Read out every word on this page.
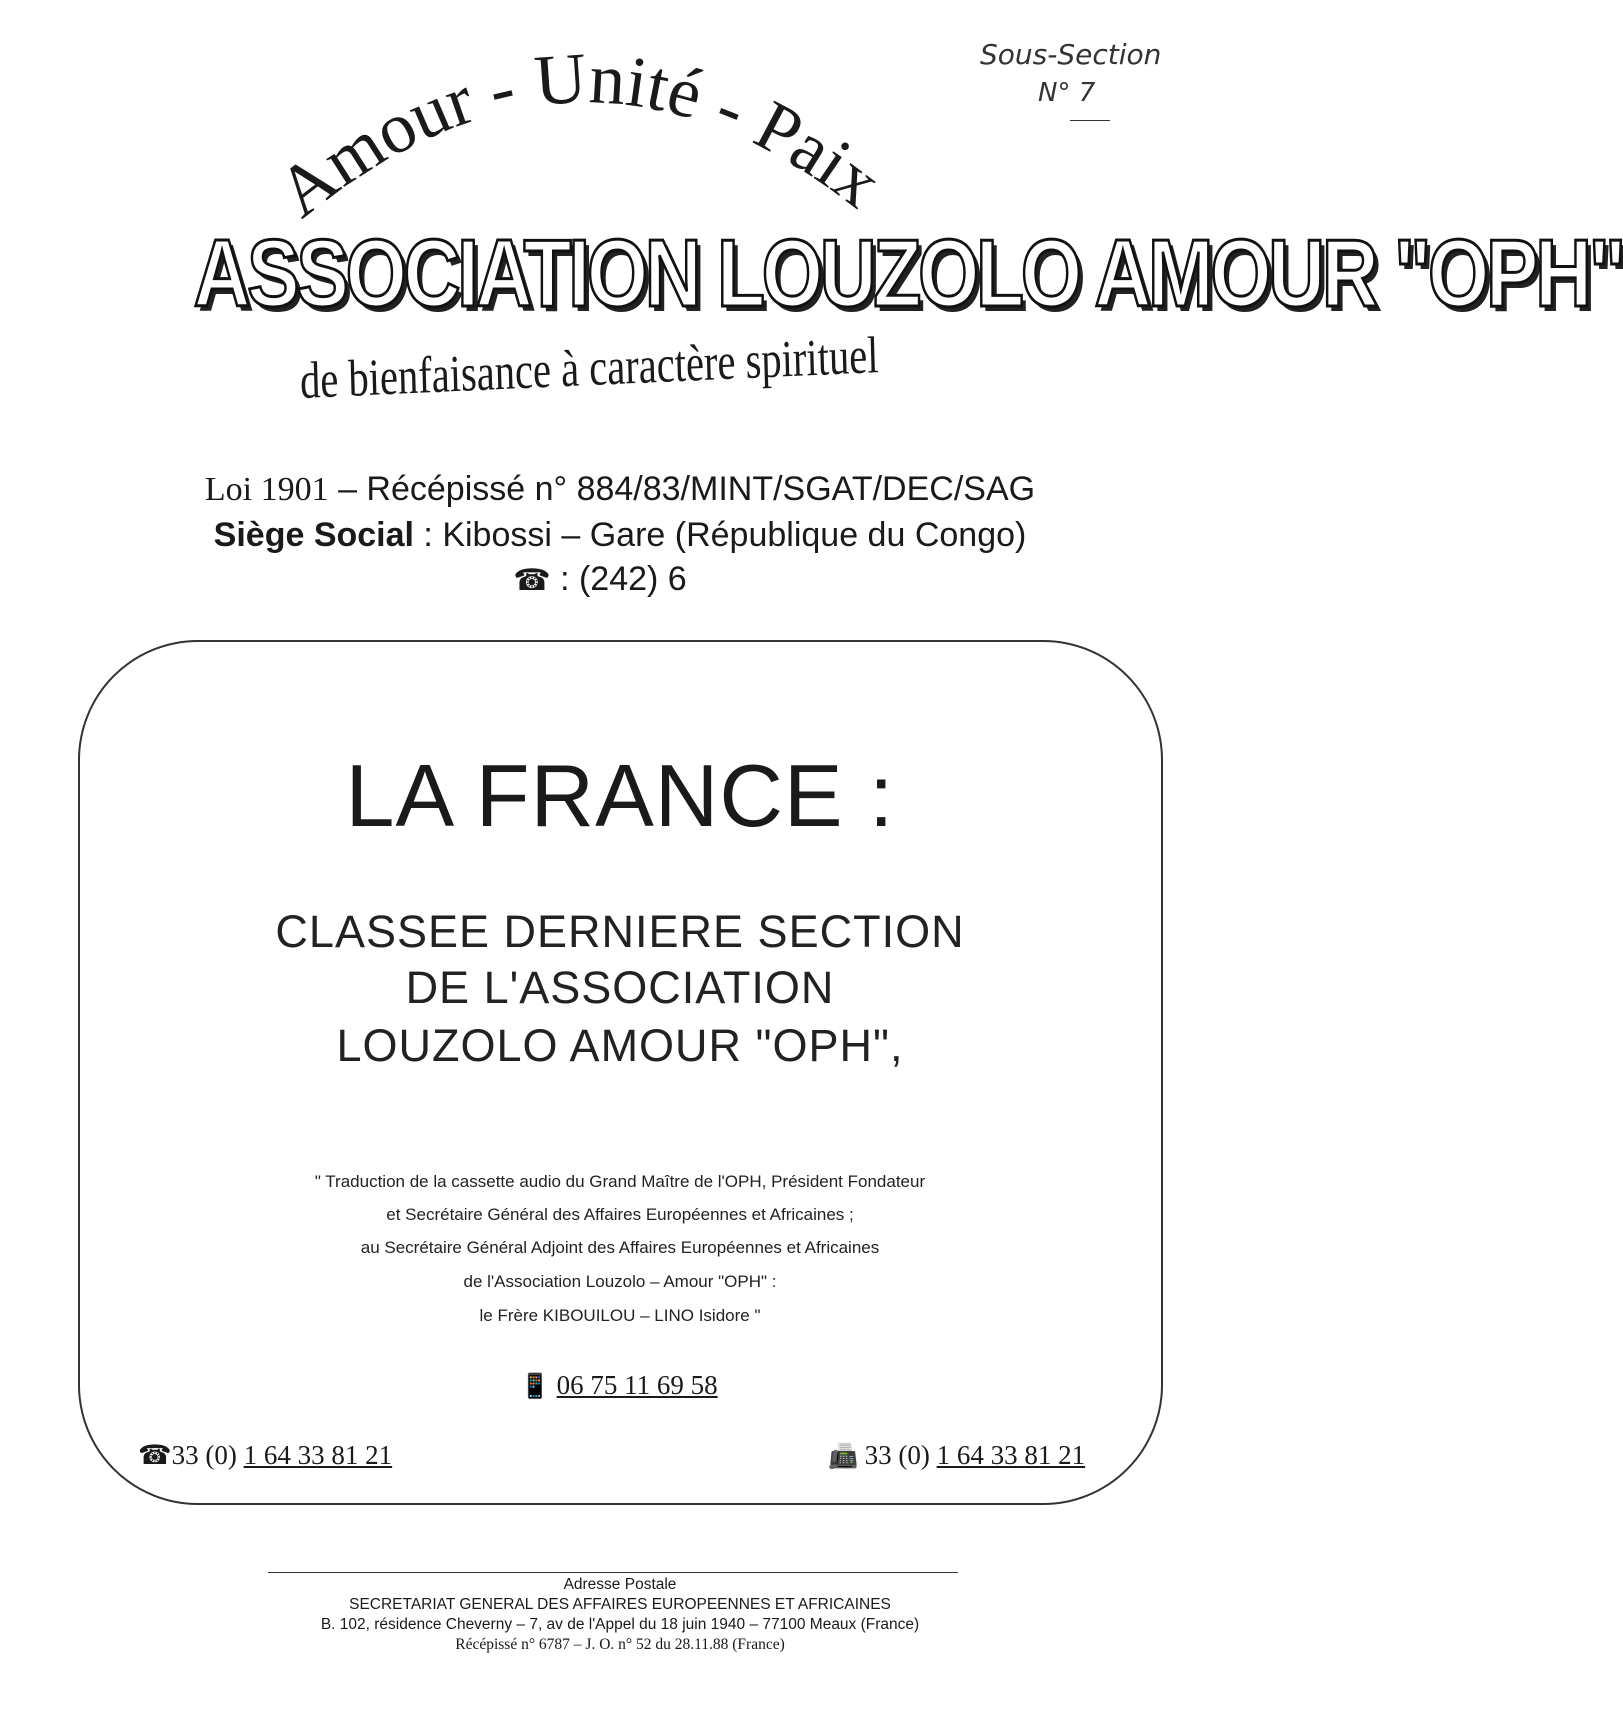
Sous-Section
N° 7
Amour - Unité - Paix
ASSOCIATION LOUZOLO AMOUR "OPH"
de bienfaisance à caractère spirituel
Loi 1901 – Récépissé n° 884/83/MINT/SGAT/DEC/SAG
Siège Social : Kibossi – Gare (République du Congo)
☎ : (242) 6
LA FRANCE :
CLASSEE DERNIERE SECTION
DE L'ASSOCIATION
LOUZOLO AMOUR "OPH",
" Traduction de la cassette audio du Grand Maître de l'OPH, Président Fondateur
et Secrétaire Général des Affaires Européennes et Africaines ;
au Secrétaire Général Adjoint des Affaires Européennes et Africaines
de l'Association Louzolo – Amour "OPH" :
le Frère KIBOUILOU – LINO Isidore "
📱 06 75 11 69 58
☎33 (0) 1 64 33 81 21	📠 33 (0) 1 64 33 81 21
Adresse Postale
SECRETARIAT GENERAL DES AFFAIRES EUROPEENNES ET AFRICAINES
B. 102, résidence Cheverny – 7, av de l'Appel du 18 juin 1940 – 77100 Meaux (France)
Récépissé n° 6787 – J. O. n° 52 du 28.11.88 (France)
